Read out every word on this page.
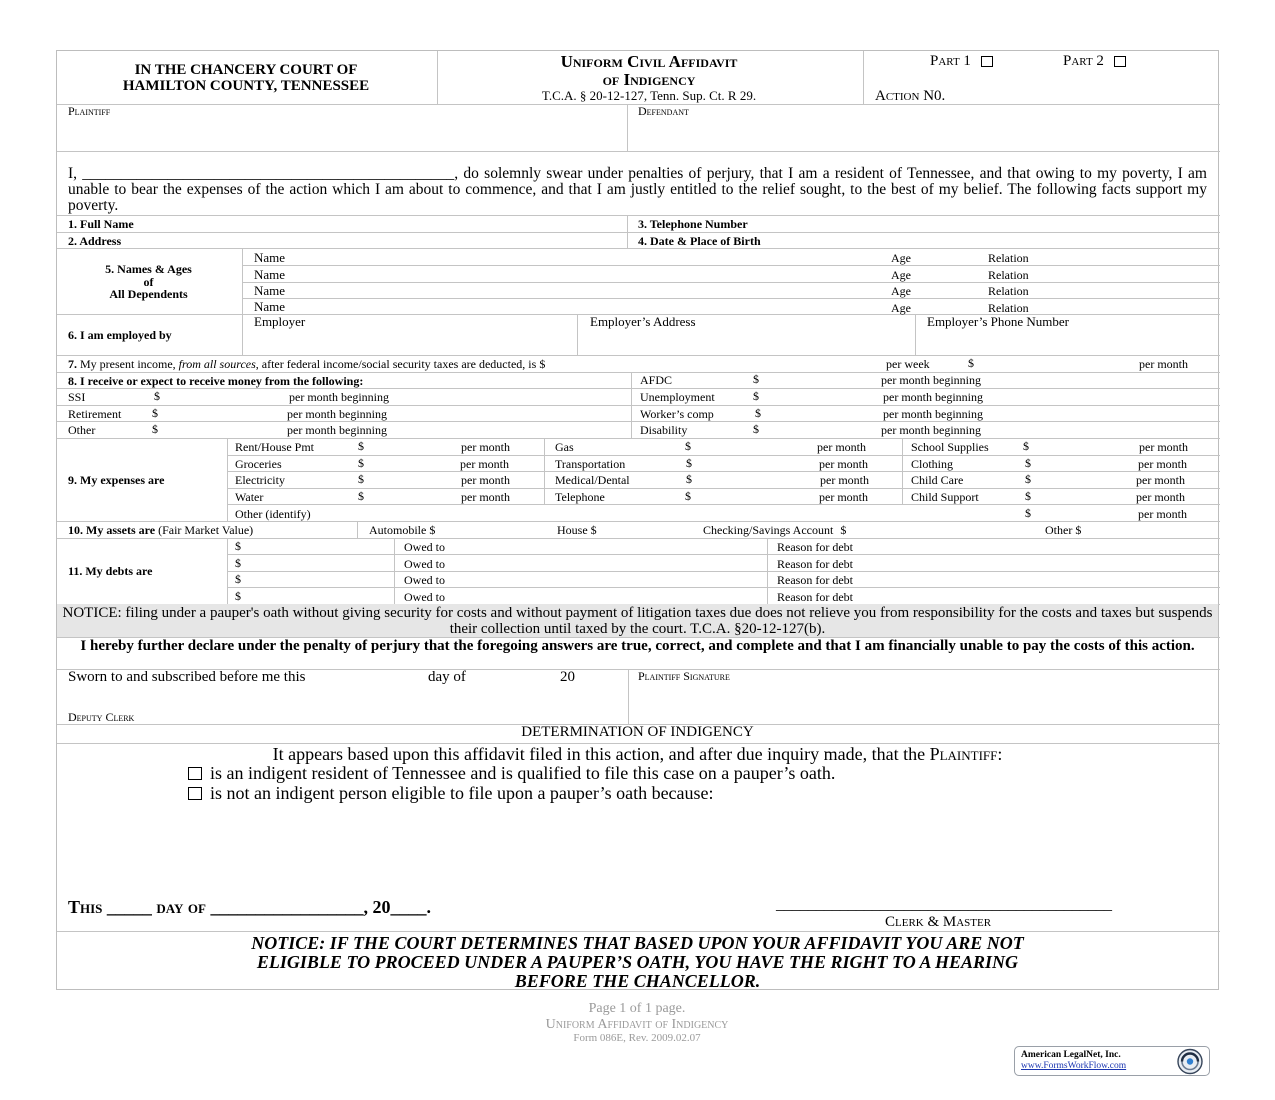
IN THE CHANCERY COURT OF
HAMILTON COUNTY, TENNESSEE
Uniform Civil Affidavit
of Indigency
T.C.A. § 20-12-127, Tenn. Sup. Ct. R 29.
Part 1	Part 2
Action N0.
Plaintiff	Defendant
I, ________________________________________________, do solemnly swear under penalties of perjury, that I am a resident of Tennessee, and that owing to my poverty, I am unable to bear the expenses of the action which I am about to commence, and that I am justly entitled to the relief sought, to the best of my belief. The following facts support my poverty.
1. Full Name	3. Telephone Number
2. Address	4. Date & Place of Birth
5. Names & Ages
of
All Dependents
Name	Age	Relation
Name	Age	Relation
Name	Age	Relation
Name	Age	Relation
6. I am employed by
Employer	Employer’s Address	Employer’s Phone Number
7. My present income, from all sources, after federal income/social security taxes are deducted, is $	per week	$	per month
8. I receive or expect to receive money from the following:
SSI	$	per month beginning
Retirement	$	per month beginning
Other	$	per month beginning
AFDC	$	per month beginning
Unemployment	$	per month beginning
Worker’s comp	$	per month beginning
Disability	$	per month beginning
9. My expenses are
Rent/House Pmt	$	per month
Groceries	$	per month
Electricity	$	per month
Water	$	per month
Gas	$	per month
Transportation	$	per month
Medical/Dental	$	per month
Telephone	$	per month
School Supplies	$	per month
Clothing	$	per month
Child Care	$	per month
Child Support	$	per month
Other (identify)	$	per month
10. My assets are (Fair Market Value)	Automobile $	House $	Checking/Savings Account $	Other $
11. My debts are
$	Owed to	Reason for debt
$	Owed to	Reason for debt
$	Owed to	Reason for debt
$	Owed to	Reason for debt
NOTICE: filing under a pauper's oath without giving security for costs and without payment of litigation taxes due does not relieve you from responsibility for the costs and taxes but suspends their collection until taxed by the court. T.C.A. §20-12-127(b).
I hereby further declare under the penalty of perjury that the foregoing answers are true, correct, and complete and that I am financially unable to pay the costs of this action.
Sworn to and subscribed before me this	day of	20
Deputy Clerk
Plaintiff Signature
DETERMINATION OF INDIGENCY
It appears based upon this affidavit filed in this action, and after due inquiry made, that the Plaintiff:
is an indigent resident of Tennessee and is qualified to file this case on a pauper’s oath.
is not an indigent person eligible to file upon a pauper’s oath because:
This _____ day of _________________, 20____.	__________________________________________
Clerk & Master
NOTICE: IF THE COURT DETERMINES THAT BASED UPON YOUR AFFIDAVIT YOU ARE NOT
ELIGIBLE TO PROCEED UNDER A PAUPER’S OATH, YOU HAVE THE RIGHT TO A HEARING
BEFORE THE CHANCELLOR.
Page 1 of 1 page.
Uniform Affidavit of Indigency
Form 086E, Rev. 2009.02.07
American LegalNet, Inc.
www.FormsWorkFlow.com
